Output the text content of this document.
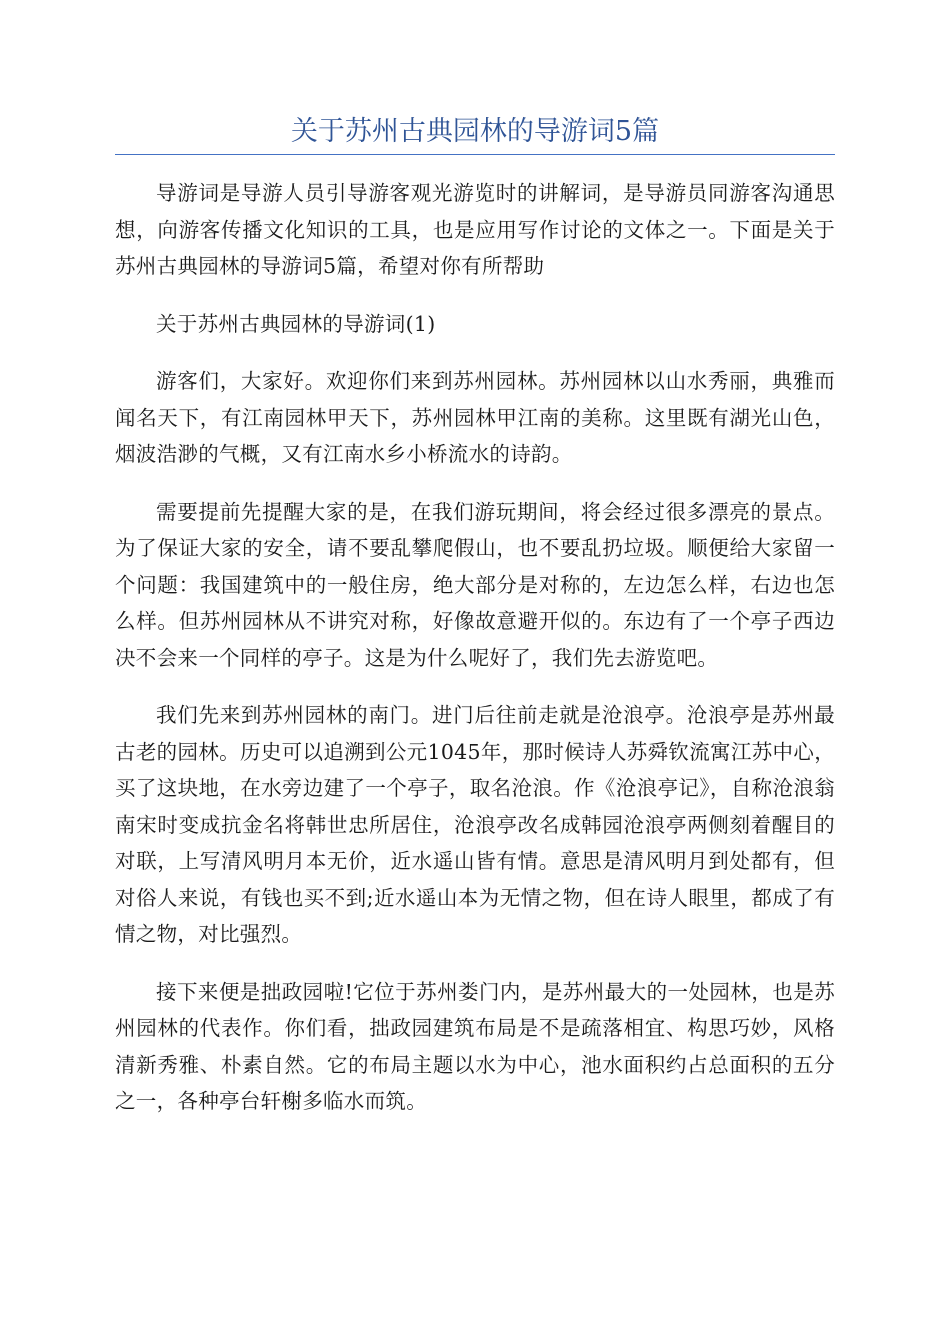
关于苏州古典园林的导游词5篇

导游词是导游人员引导游客观光游览时的讲解词，是导游员同游客沟通思想，向游客传播文化知识的工具，也是应用写作讨论的文体之一。下面是关于苏州古典园林的导游词5篇，希望对你有所帮助

关于苏州古典园林的导游词(1)

游客们，大家好。欢迎你们来到苏州园林。苏州园林以山水秀丽，典雅而闻名天下，有江南园林甲天下，苏州园林甲江南的美称。这里既有湖光山色，烟波浩渺的气概，又有江南水乡小桥流水的诗韵。

需要提前先提醒大家的是，在我们游玩期间，将会经过很多漂亮的景点。为了保证大家的安全，请不要乱攀爬假山，也不要乱扔垃圾。顺便给大家留一个问题：我国建筑中的一般住房，绝大部分是对称的，左边怎么样，右边也怎么样。但苏州园林从不讲究对称，好像故意避开似的。东边有了一个亭子西边决不会来一个同样的亭子。这是为什么呢好了，我们先去游览吧。

我们先来到苏州园林的南门。进门后往前走就是沧浪亭。沧浪亭是苏州最古老的园林。历史可以追溯到公元1045年，那时候诗人苏舜钦流寓江苏中心，买了这块地，在水旁边建了一个亭子，取名沧浪。作《沧浪亭记》，自称沧浪翁南宋时变成抗金名将韩世忠所居住，沧浪亭改名成韩园沧浪亭两侧刻着醒目的对联，上写清风明月本无价，近水遥山皆有情。意思是清风明月到处都有，但对俗人来说，有钱也买不到;近水遥山本为无情之物，但在诗人眼里，都成了有情之物，对比强烈。

接下来便是拙政园啦!它位于苏州娄门内，是苏州最大的一处园林，也是苏州园林的代表作。你们看，拙政园建筑布局是不是疏落相宜、构思巧妙，风格清新秀雅、朴素自然。它的布局主题以水为中心，池水面积约占总面积的五分之一，各种亭台轩榭多临水而筑。
